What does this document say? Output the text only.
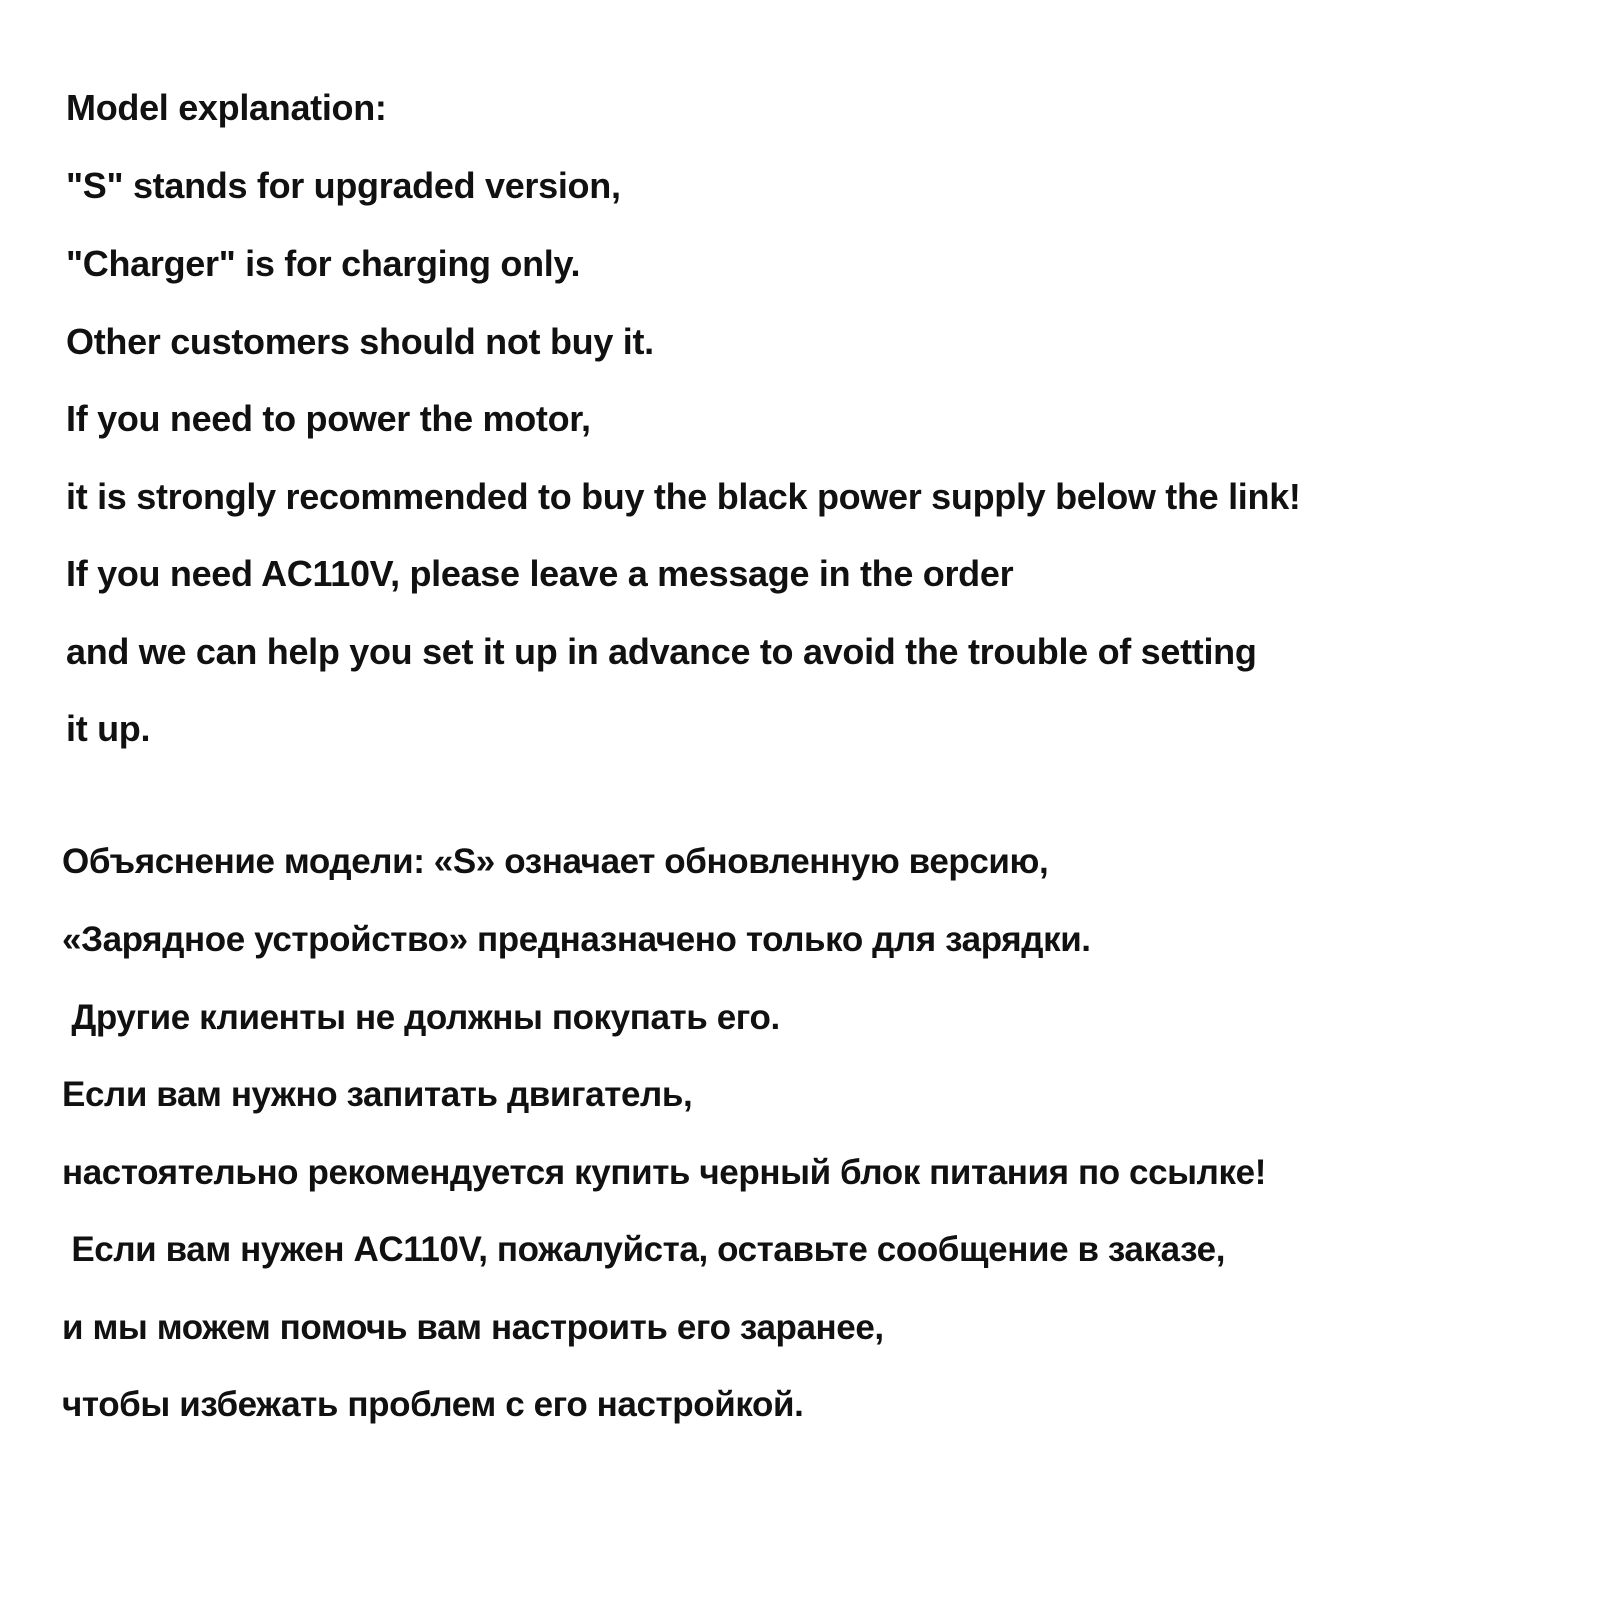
Model explanation:

"S" stands for upgraded version,

"Charger" is for charging only.

Other customers should not buy it.

If you need to power the motor,

it is strongly recommended to buy the black power supply below the link!

If you need AC110V, please leave a message in the order

and we can help you set it up in advance to avoid the trouble of setting

it up.

Объяснение модели: «S» означает обновленную версию,

«Зарядное устройство» предназначено только для зарядки.

Другие клиенты не должны покупать его.

Если вам нужно запитать двигатель,

настоятельно рекомендуется купить черный блок питания по ссылке!

Если вам нужен AC110V, пожалуйста, оставьте сообщение в заказе,

и мы можем помочь вам настроить его заранее,

чтобы избежать проблем с его настройкой.
